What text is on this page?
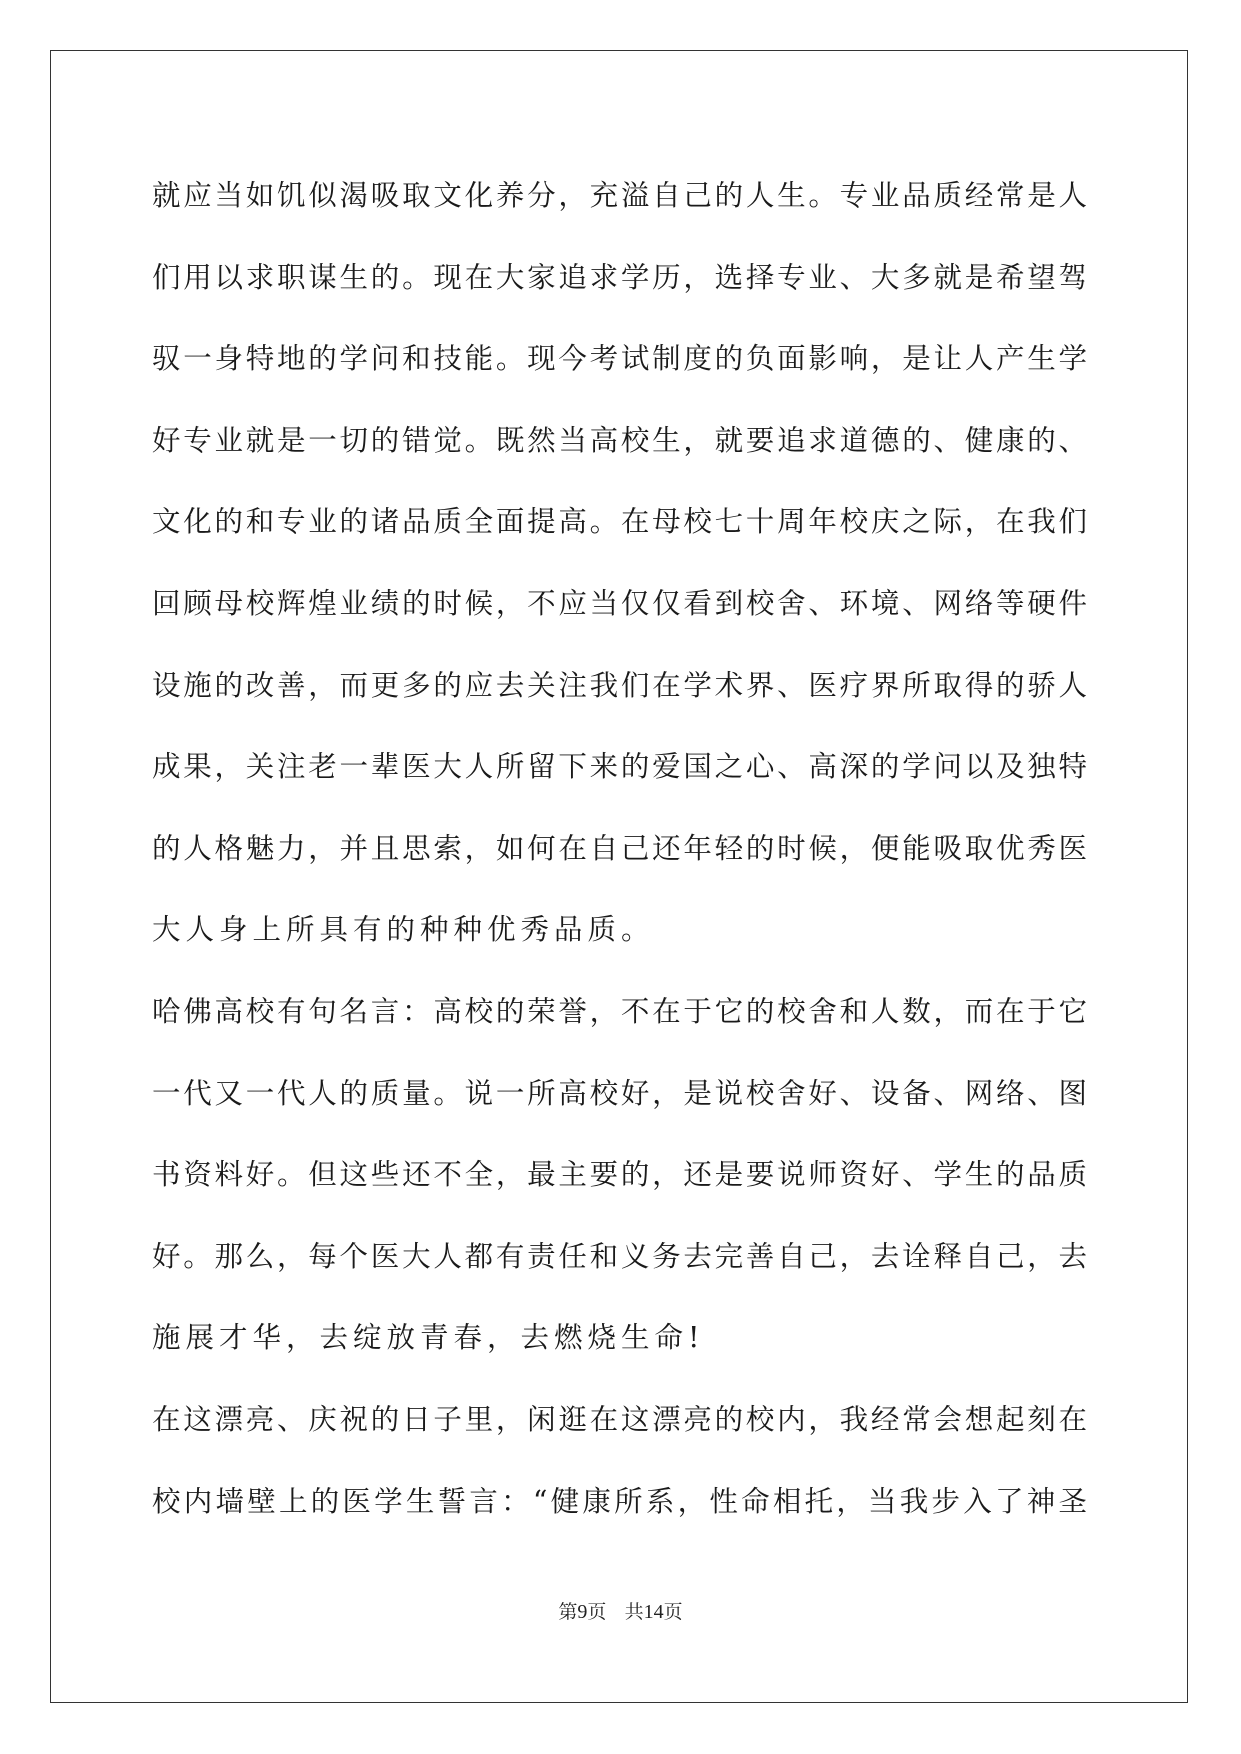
就应当如饥似渴吸取文化养分，充溢自己的人生。专业品质经常是人
们用以求职谋生的。现在大家追求学历，选择专业、大多就是希望驾
驭一身特地的学问和技能。现今考试制度的负面影响，是让人产生学
好专业就是一切的错觉。既然当高校生，就要追求道德的、健康的、
文化的和专业的诸品质全面提高。在母校七十周年校庆之际，在我们
回顾母校辉煌业绩的时候，不应当仅仅看到校舍、环境、网络等硬件
设施的改善，而更多的应去关注我们在学术界、医疗界所取得的骄人
成果，关注老一辈医大人所留下来的爱国之心、高深的学问以及独特
的人格魅力，并且思索，如何在自己还年轻的时候，便能吸取优秀医
大人身上所具有的种种优秀品质。
哈佛高校有句名言：高校的荣誉，不在于它的校舍和人数，而在于它
一代又一代人的质量。说一所高校好，是说校舍好、设备、网络、图
书资料好。但这些还不全，最主要的，还是要说师资好、学生的品质
好。那么，每个医大人都有责任和义务去完善自己，去诠释自己，去
施展才华，去绽放青春，去燃烧生命!
在这漂亮、庆祝的日子里，闲逛在这漂亮的校内，我经常会想起刻在
校内墙壁上的医学生誓言：“健康所系，性命相托，当我步入了神圣
第9页 共14页
